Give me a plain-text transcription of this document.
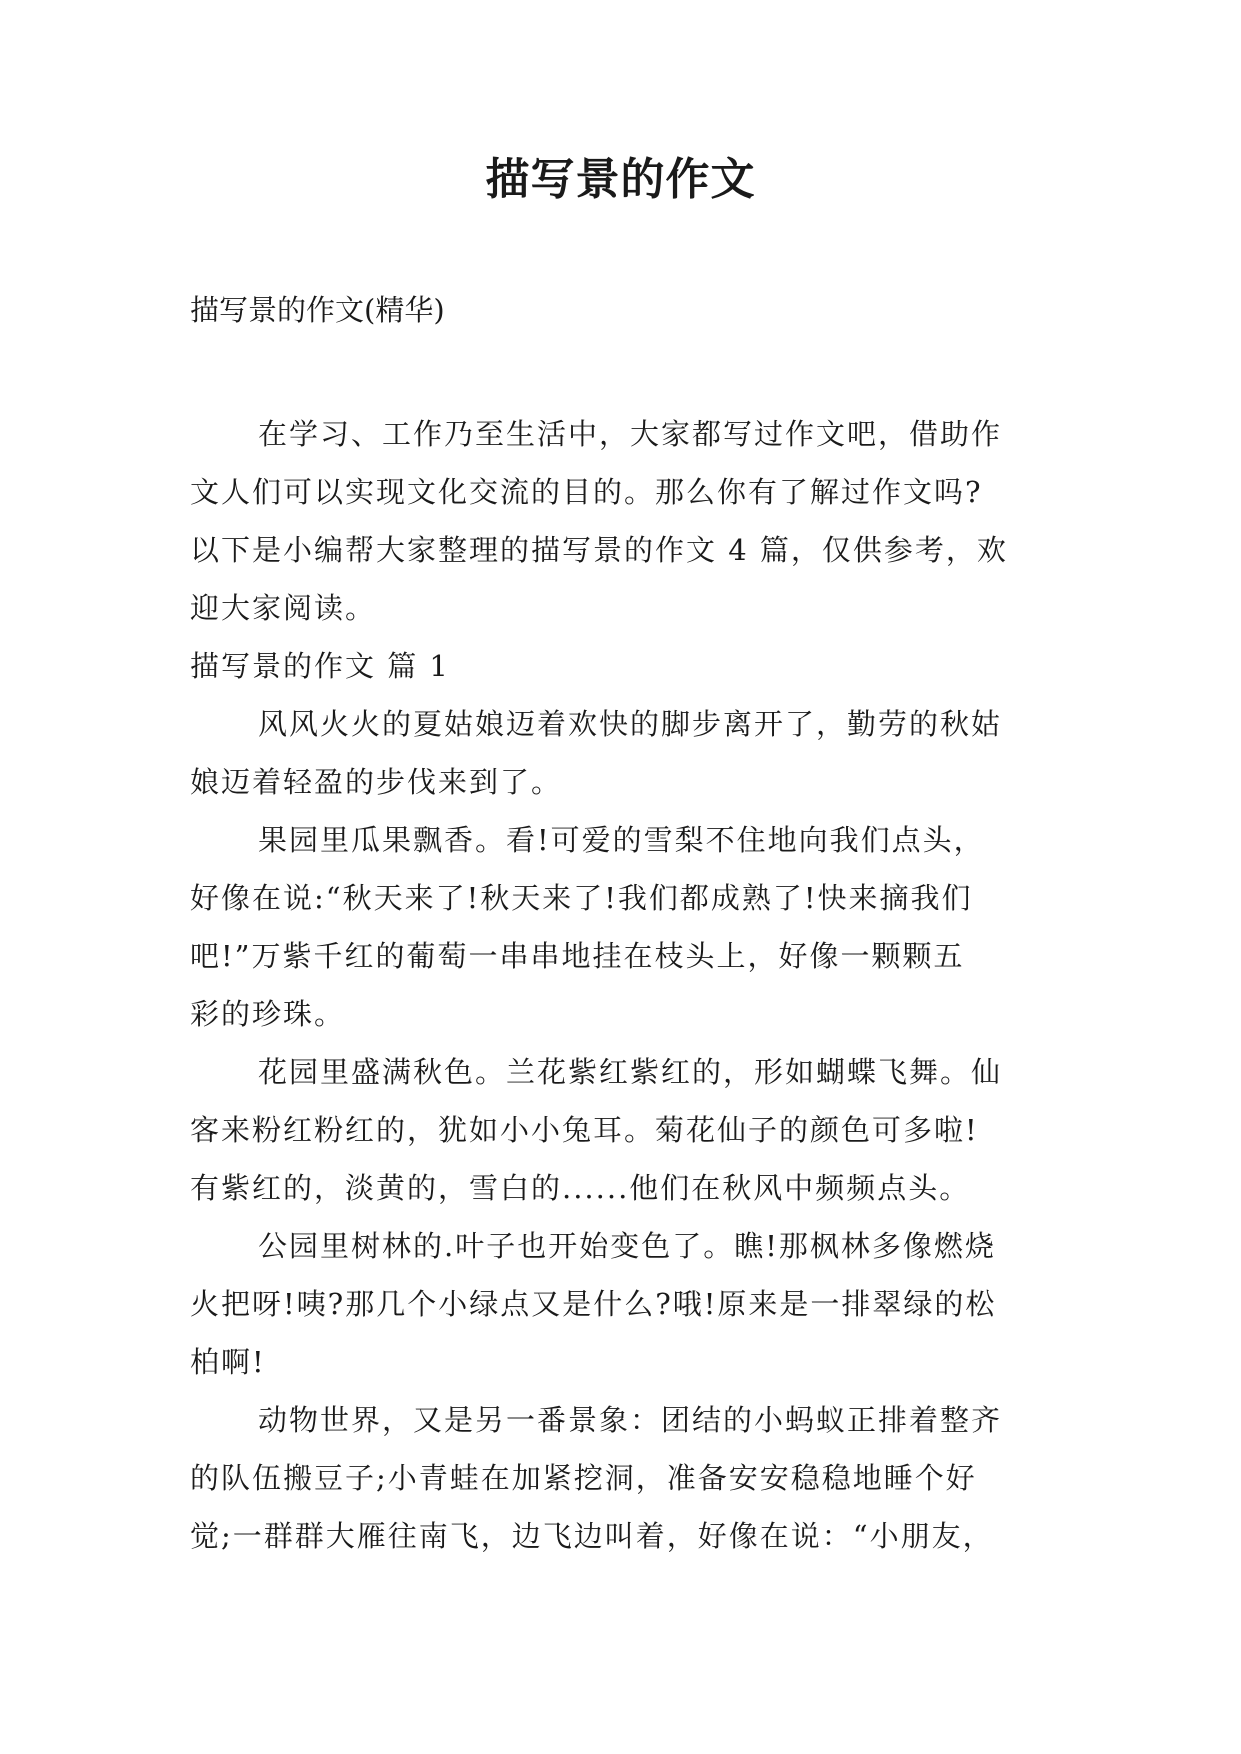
描写景的作文

描写景的作文(精华)

在学习、工作乃至生活中，大家都写过作文吧，借助作

文人们可以实现文化交流的目的。那么你有了解过作文吗?

以下是小编帮大家整理的描写景的作文 4 篇，仅供参考，欢

迎大家阅读。

描写景的作文 篇 1

风风火火的夏姑娘迈着欢快的脚步离开了，勤劳的秋姑

娘迈着轻盈的步伐来到了。

果园里瓜果飘香。看!可爱的雪梨不住地向我们点头，

好像在说:“秋天来了!秋天来了!我们都成熟了!快来摘我们

吧!”万紫千红的葡萄一串串地挂在枝头上，好像一颗颗五

彩的珍珠。

花园里盛满秋色。兰花紫红紫红的，形如蝴蝶飞舞。仙

客来粉红粉红的，犹如小小兔耳。菊花仙子的颜色可多啦!

有紫红的，淡黄的，雪白的......他们在秋风中频频点头。

公园里树林的.叶子也开始变色了。瞧!那枫林多像燃烧

火把呀!咦?那几个小绿点又是什么?哦!原来是一排翠绿的松

柏啊!

动物世界，又是另一番景象：团结的小蚂蚁正排着整齐

的队伍搬豆子;小青蛙在加紧挖洞，准备安安稳稳地睡个好

觉;一群群大雁往南飞，边飞边叫着，好像在说：“小朋友，
